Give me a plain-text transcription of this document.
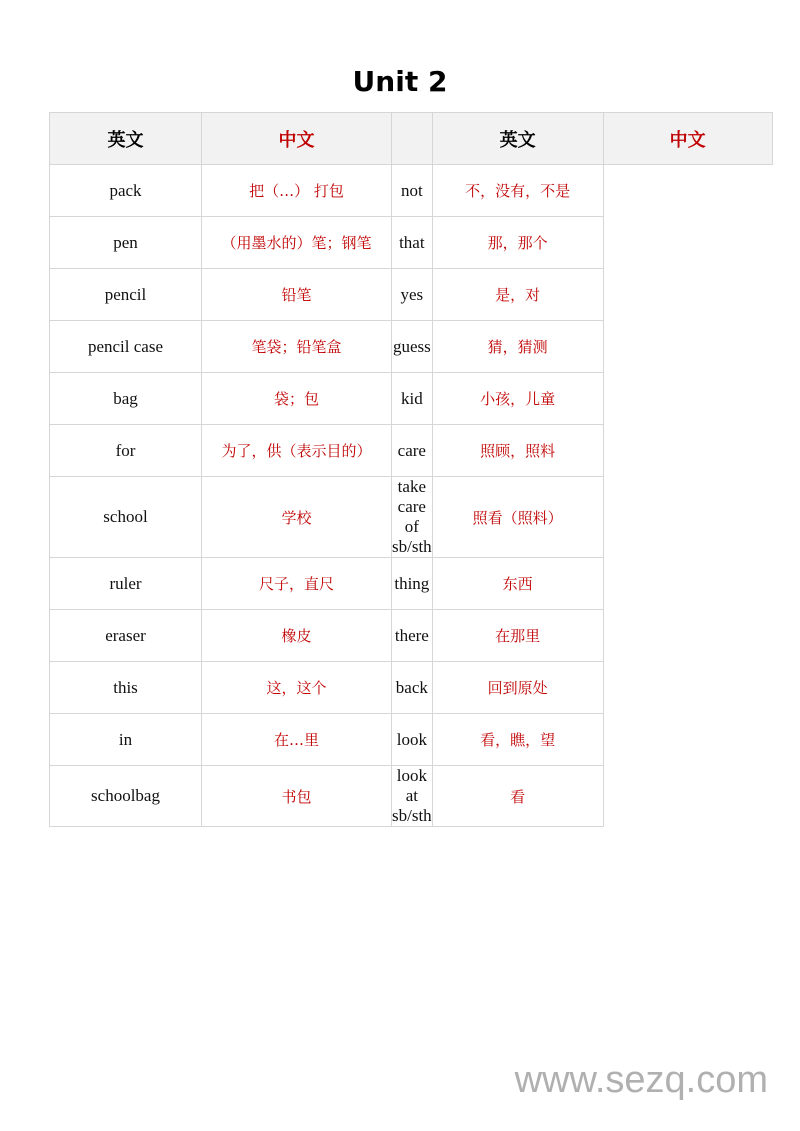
Unit 2
英文	中文		英文	中文
pack	把（…） 打包	not	不，没有，不是	
pen	（用墨水的）笔；钢笔	that	那，那个	
pencil	铅笔	yes	是，对	
pencil case	笔袋；铅笔盒	guess	猜，猜测	
bag	袋；包	kid	小孩，儿童	
for	为了，供（表示目的）	care	照顾，照料	
school	学校	take care of sb/sth	照看（照料）	
ruler	尺子，直尺	thing	东西	
eraser	橡皮	there	在那里	
this	这，这个	back	回到原处	
in	在…里	look	看，瞧，望	
schoolbag	书包	look at sb/sth	看	
www.sezq.com
